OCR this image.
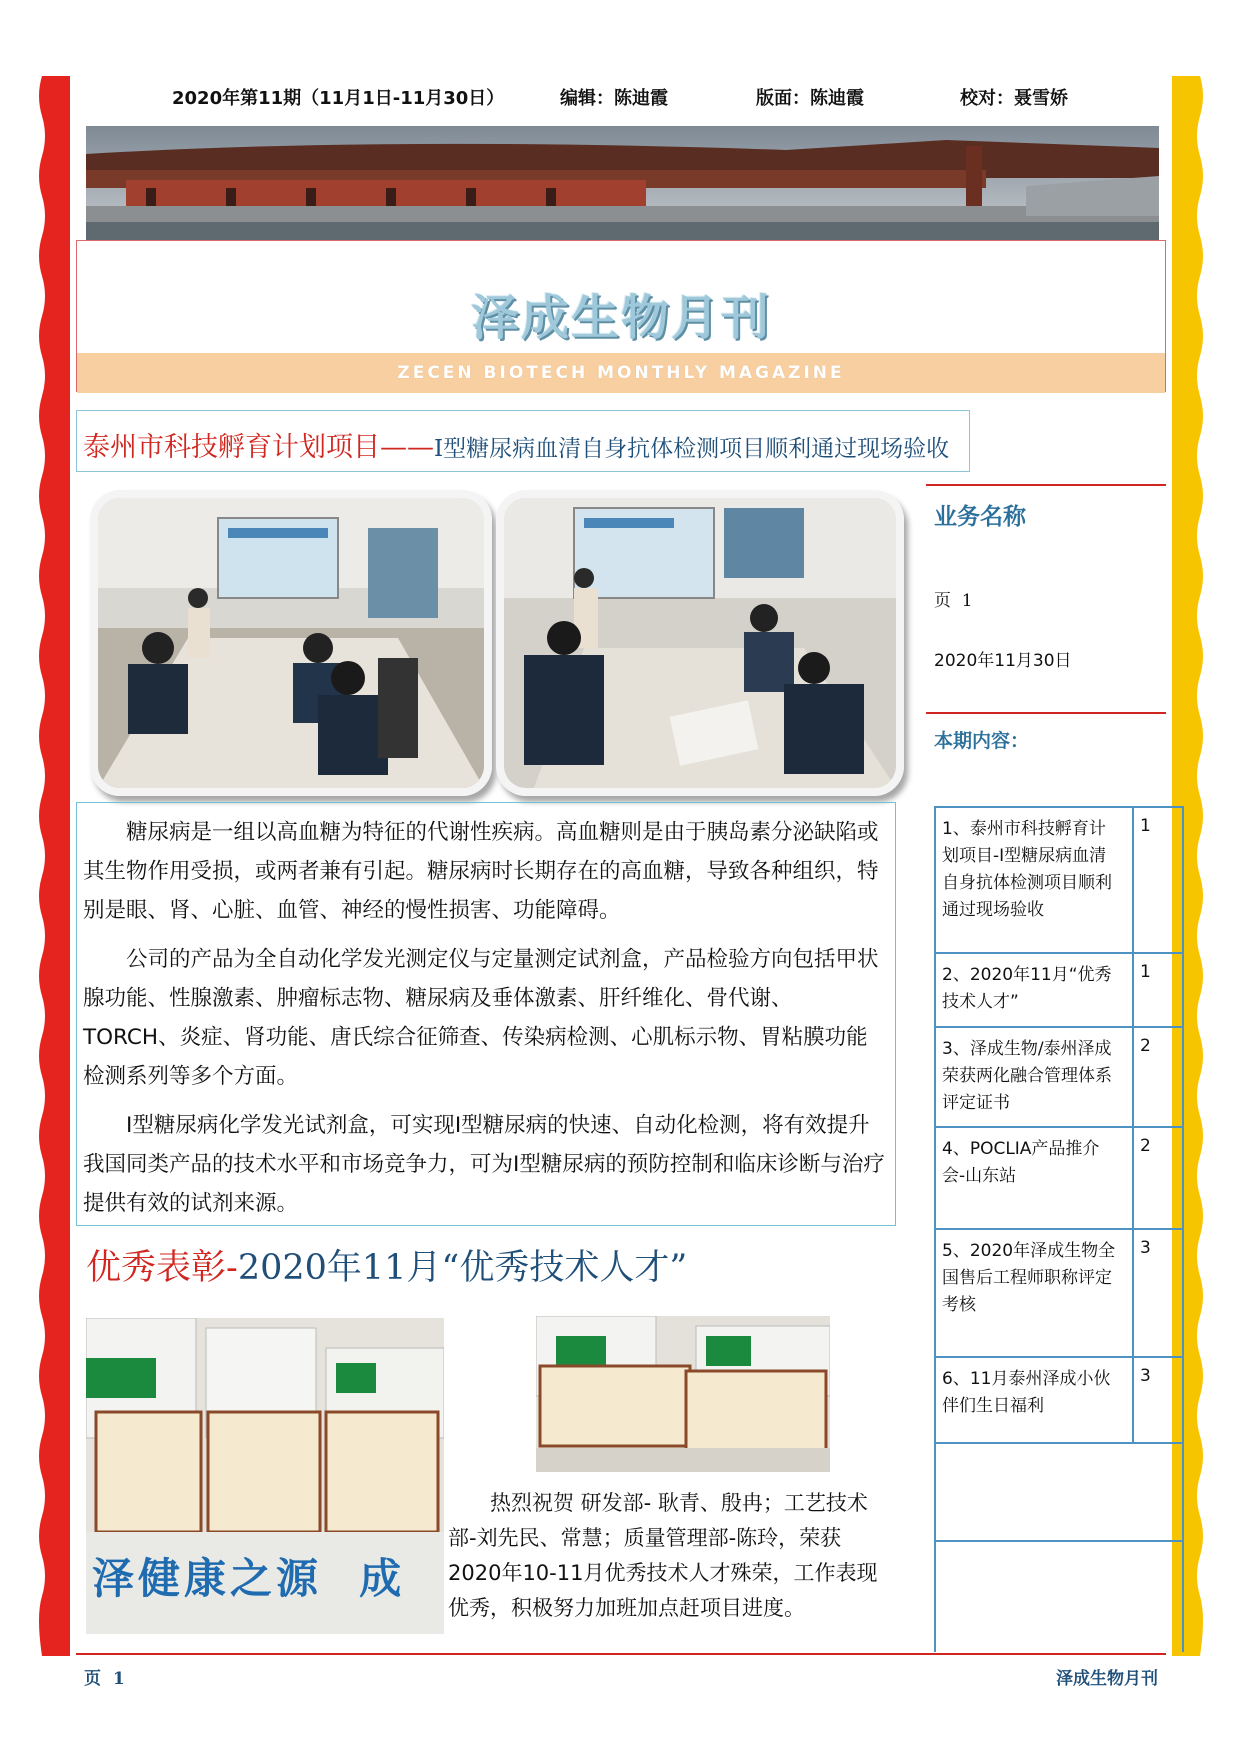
2020年第11期（11月1日-11月30日）	编辑：陈迪霞	版面：陈迪霞	校对：聂雪娇
泽成生物月刊
ZECEN BIOTECH MONTHLY MAGAZINE
泰州市科技孵育计划项目——I型糖尿病血清自身抗体检测项目顺利通过现场验收

糖尿病是一组以高血糖为特征的代谢性疾病。高血糖则是由于胰岛素分泌缺陷或其生物作用受损，或两者兼有引起。糖尿病时长期存在的高血糖，导致各种组织，特别是眼、肾、心脏、血管、神经的慢性损害、功能障碍。

公司的产品为全自动化学发光测定仪与定量测定试剂盒，产品检验方向包括甲状腺功能、性腺激素、肿瘤标志物、糖尿病及垂体激素、肝纤维化、骨代谢、TORCH、炎症、肾功能、唐氏综合征筛查、传染病检测、心肌标示物、胃粘膜功能检测系列等多个方面。

I型糖尿病化学发光试剂盒，可实现I型糖尿病的快速、自动化检测，将有效提升我国同类产品的技术水平和市场竞争力，可为I型糖尿病的预防控制和临床诊断与治疗提供有效的试剂来源。

优秀表彰-2020年11月“优秀技术人才”
泽健康之源  成
热烈祝贺 研发部- 耿青、殷冉；工艺技术部-刘先民、常慧；质量管理部-陈玲，荣获2020年10-11月优秀技术人才殊荣，工作表现优秀，积极努力加班加点赶项目进度。
业务名称
页  1
2020年11月30日
本期内容：
1、泰州市科技孵育计划项目-I型糖尿病血清自身抗体检测项目顺利通过现场验收
1
2、2020年11月“优秀技术人才”
1
3、泽成生物/泰州泽成荣获两化融合管理体系评定证书
2
4、POCLIA产品推介会-山东站
2
5、2020年泽成生物全国售后工程师职称评定考核
3
6、11月泰州泽成小伙伴们生日福利
3
页  1	泽成生物月刊
